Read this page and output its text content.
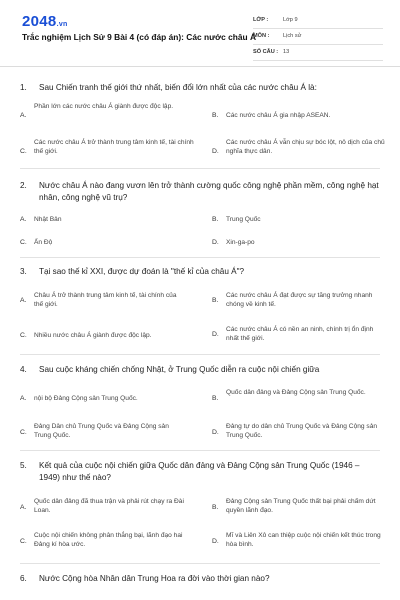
2048.vn
Trắc nghiệm Lịch Sử 9 Bài 4 (có đáp án): Các nước châu Á
LỚP :	Lớp 9
MÔN : Lịch sử
SỐ CÂU : 13
1. Sau Chiến tranh thế giới thứ nhất, biến đổi lớn nhất của các nước châu Á là:
A.
Phần lớn các nước châu Á giành được độc lập.
B. Các nước châu Á gia nhập ASEAN.
C.
Các nước châu Á trở thành trung tâm kinh tế, tài chính thế giới.	D.
Các nước châu Á vẫn chịu sự bóc lột, nô dịch của chủ nghĩa thực dân.
2. Nước châu Á nào đang vươn lên trở thành cường quốc công nghệ phần mềm, công nghệ hạt nhân, công nghệ vũ trụ?
A. Nhật Bản	B. Trung Quốc
C. Ấn Độ	D. Xin-ga-po
3. Tại sao thế kỉ XXI, được dự đoán là "thế kỉ của châu Á"?
A.
Châu Á trở thành trung tâm kinh tế, tài chính của thế giới.
B.
Các nước châu Á đạt được sự tăng trưởng nhanh chóng về kinh tế.
C. Nhiều nước châu Á giành được độc lập.	D.
Các nước châu Á có nền an ninh, chính trị ổn định nhất thế giới.
4. Sau cuộc kháng chiến chống Nhật, ở Trung Quốc diễn ra cuộc nội chiến giữa
A. nội bộ Đảng Cộng sản Trung Quốc.	B.
Quốc dân đảng và Đảng Cộng sản Trung Quốc.
C.
Đảng Dân chủ Trung Quốc và Đảng Cộng sản Trung Quốc.	D.
Đảng tự do dân chủ Trung Quốc và Đảng Cộng sản Trung Quốc.
5. Kết quả của cuộc nội chiến giữa Quốc dân đảng và Đảng Cộng sản Trung Quốc (1946 – 1949) như thế nào?
A.
Quốc dân đảng đã thua trận và phải rút chạy ra Đài Loan.	B.
Đảng Cộng sản Trung Quốc thất bại phải chấm dứt quyền lãnh đạo.
C.
Cuộc nội chiến không phân thắng bại, lãnh đạo hai Đảng kí hòa ước.	D.
Mĩ và Liên Xô can thiệp cuộc nội chiến kết thúc trong hòa bình.
6. Nước Cộng hòa Nhân dân Trung Hoa ra đời vào thời gian nào?
